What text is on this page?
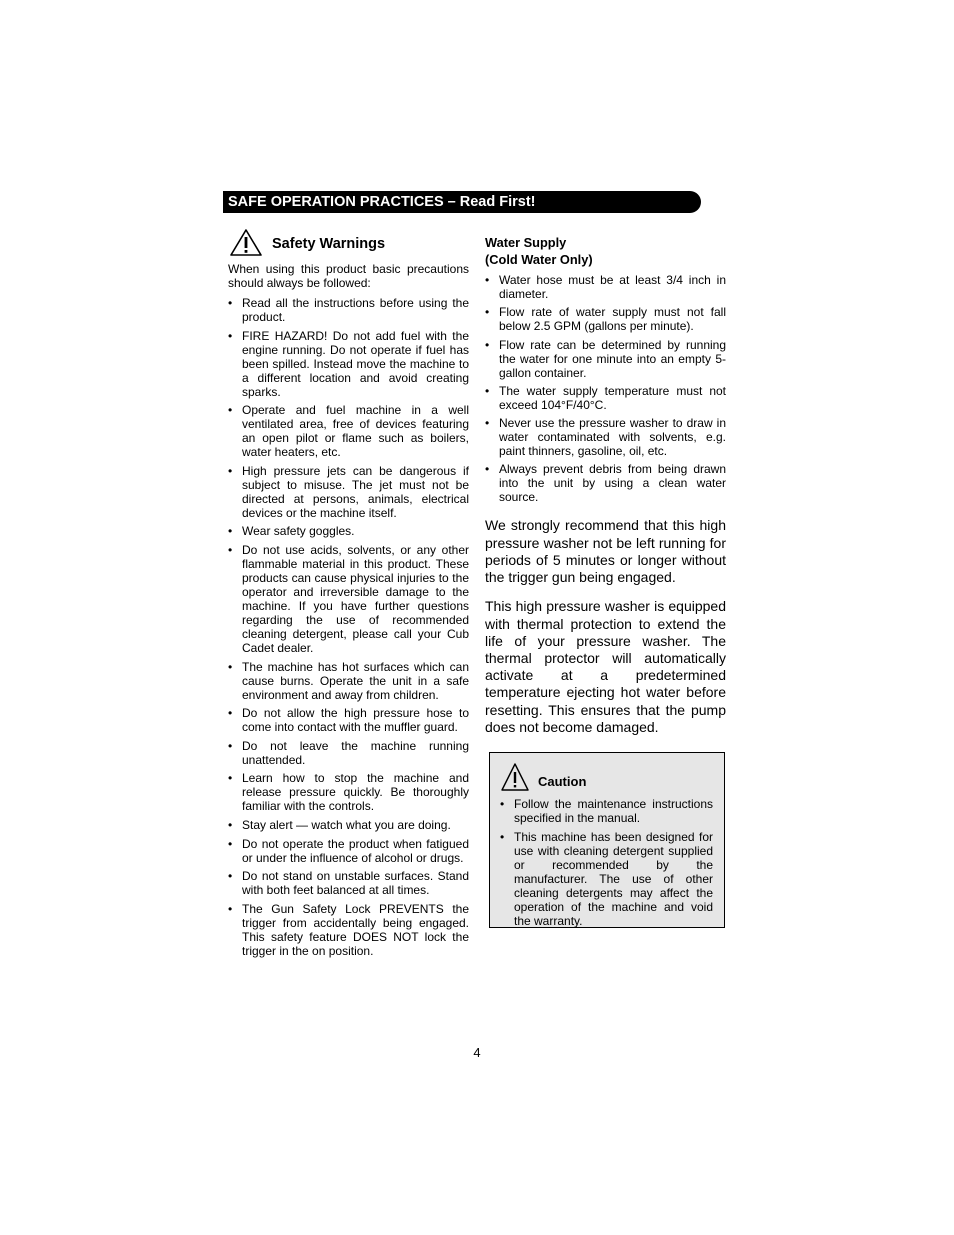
SAFE OPERATION PRACTICES – Read First!
Safety Warnings

When using this product basic precautions should always be followed:

• Read all the instructions before using the product.
• FIRE HAZARD! Do not add fuel with the engine running. Do not operate if fuel has been spilled. Instead move the machine to a different location and avoid creating sparks.
• Operate and fuel machine in a well ventilated area, free of devices featuring an open pilot or flame such as boilers, water heaters, etc.
• High pressure jets can be dangerous if subject to misuse. The jet must not be directed at persons, animals, electrical devices or the machine itself.
• Wear safety goggles.
• Do not use acids, solvents, or any other flammable material in this product. These products can cause physical injuries to the operator and irreversible damage to the machine. If you have further questions regarding the use of recommended cleaning detergent, please call your Cub Cadet dealer.
• The machine has hot surfaces which can cause burns. Operate the unit in a safe environment and away from children.
• Do not allow the high pressure hose to come into contact with the muffler guard.
• Do not leave the machine running unattended.
• Learn how to stop the machine and release pressure quickly. Be thoroughly familiar with the controls.
• Stay alert — watch what you are doing.
• Do not operate the product when fatigued or under the influence of alcohol or drugs.
• Do not stand on unstable surfaces. Stand with both feet balanced at all times.
• The Gun Safety Lock PREVENTS the trigger from accidentally being engaged. This safety feature DOES NOT lock the trigger in the on position.
Water Supply
(Cold Water Only)
• Water hose must be at least 3/4 inch in diameter.
• Flow rate of water supply must not fall below 2.5 GPM (gallons per minute).
• Flow rate can be determined by running the water for one minute into an empty 5-gallon container.
• The water supply temperature must not exceed 104°F/40°C.
• Never use the pressure washer to draw in water contaminated with solvents, e.g. paint thinners, gasoline, oil, etc.
• Always prevent debris from being drawn into the unit by using a clean water source.

We strongly recommend that this high pressure washer not be left running for periods of 5 minutes or longer without the trigger gun being engaged.

This high pressure washer is equipped with thermal protection to extend the life of your pressure washer. The thermal protector will automatically activate at a predetermined temperature ejecting hot water before resetting. This ensures that the pump does not become damaged.

Caution
• Follow the maintenance instructions specified in the manual.
• This machine has been designed for use with cleaning detergent supplied or recommended by the manufacturer. The use of other cleaning detergents may affect the operation of the machine and void the warranty.
4
